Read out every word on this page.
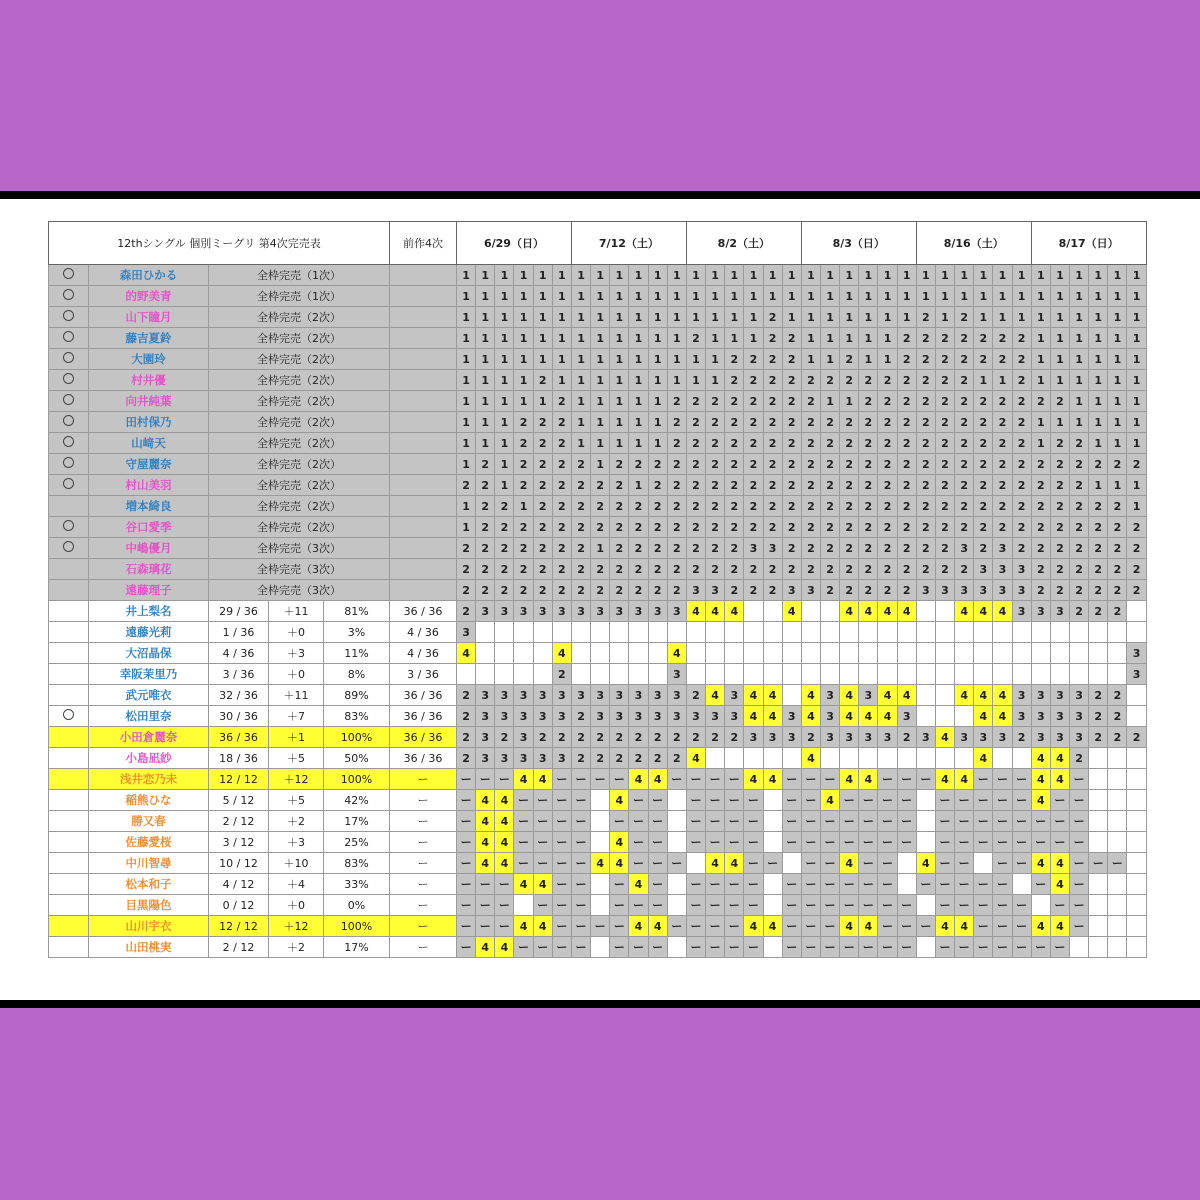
12thシングル 個別ミーグリ 第4次完売表					前作4次	6/29（日）						7/12（土）						8/2（土）						8/3（日）						8/16（土）						8/17（日）					
	森田ひかる	全枠完売（1次）				1	1	1	1	1	1	1	1	1	1	1	1	1	1	1	1	1	1	1	1	1	1	1	1	1	1	1	1	1	1	1	1	1	1	1	1
	的野美青	全枠完売（1次）				1	1	1	1	1	1	1	1	1	1	1	1	1	1	1	1	1	1	1	1	1	1	1	1	1	1	1	1	1	1	1	1	1	1	1	1
	山下瞳月	全枠完売（2次）				1	1	1	1	1	1	1	1	1	1	1	1	1	1	1	1	2	1	1	1	1	1	1	1	2	1	2	1	1	1	1	1	1	1	1	1
	藤吉夏鈴	全枠完売（2次）				1	1	1	1	1	1	1	1	1	1	1	1	2	1	1	1	2	2	1	1	1	1	1	2	2	2	2	2	2	2	1	1	1	1	1	1
	大園玲	全枠完売（2次）				1	1	1	1	1	1	1	1	1	1	1	1	1	1	2	2	2	2	1	1	2	1	1	2	2	2	2	2	2	2	1	1	1	1	1	1
	村井優	全枠完売（2次）				1	1	1	1	2	1	1	1	1	1	1	1	1	1	2	2	2	2	2	2	2	2	2	2	2	2	2	1	1	2	1	1	1	1	1	1
	向井純葉	全枠完売（2次）				1	1	1	1	1	2	1	1	1	1	1	2	2	2	2	2	2	2	2	1	1	2	2	2	2	2	2	2	2	2	2	2	1	1	1	1
	田村保乃	全枠完売（2次）				1	1	1	2	2	2	1	1	1	1	1	2	2	2	2	2	2	2	2	2	2	2	2	2	2	2	2	2	2	2	1	1	1	1	1	1
	山﨑天	全枠完売（2次）				1	1	1	2	2	2	1	1	1	1	1	2	2	2	2	2	2	2	2	2	2	2	2	2	2	2	2	2	2	2	1	2	2	1	1	1
	守屋麗奈	全枠完売（2次）				1	2	1	2	2	2	2	1	2	2	2	2	2	2	2	2	2	2	2	2	2	2	2	2	2	2	2	2	2	2	2	2	2	2	2	2
	村山美羽	全枠完売（2次）				2	2	1	2	2	2	2	2	2	1	2	2	2	2	2	2	2	2	2	2	2	2	2	2	2	2	2	2	2	2	2	2	2	1	1	1
	増本綺良	全枠完売（2次）				1	2	2	1	2	2	2	2	2	2	2	2	2	2	2	2	2	2	2	2	2	2	2	2	2	2	2	2	2	2	2	2	2	2	2	1
	谷口愛季	全枠完売（2次）				1	2	2	2	2	2	2	2	2	2	2	2	2	2	2	2	2	2	2	2	2	2	2	2	2	2	2	2	2	2	2	2	2	2	2	2
	中嶋優月	全枠完売（3次）				2	2	2	2	2	2	2	1	2	2	2	2	2	2	2	3	3	2	2	2	2	2	2	2	2	2	3	2	3	2	2	2	2	2	2	2
	石森璃花	全枠完売（3次）				2	2	2	2	2	2	2	2	2	2	2	2	2	2	2	2	2	2	2	2	2	2	2	2	2	2	2	3	3	3	2	2	2	2	2	2
	遠藤理子	全枠完売（3次）				2	2	2	2	2	2	2	2	2	2	2	2	3	3	2	2	2	3	3	2	2	2	2	2	3	3	3	3	3	3	2	2	2	2	2	2
	井上梨名	29 / 36	＋11	81%	36 / 36	2	3	3	3	3	3	3	3	3	3	3	3	4	4	4			4			4	4	4	4			4	4	4	3	3	3	2	2	2	
	遠藤光莉	1 / 36	＋0	3%	4 / 36	3																																			
	大沼晶保	4 / 36	＋3	11%	4 / 36	4					4						4																								3
	幸阪茉里乃	3 / 36	＋0	8%	3 / 36						2						3																								3
	武元唯衣	32 / 36	＋11	89%	36 / 36	2	3	3	3	3	3	3	3	3	3	3	3	2	4	3	4	4		4	3	4	3	4	4			4	4	4	3	3	3	3	2	2	
	松田里奈	30 / 36	＋7	83%	36 / 36	2	3	3	3	3	3	2	3	3	3	3	3	3	3	3	4	4	3	4	3	4	4	4	3				4	4	3	3	3	3	2	2	
	小田倉麗奈	36 / 36	＋1	100%	36 / 36	2	3	2	3	2	2	2	2	2	2	2	2	2	2	2	3	3	3	2	3	3	3	3	2	3	4	3	3	3	2	3	3	3	2	2	2
	小島凪紗	18 / 36	＋5	50%	36 / 36	2	3	3	3	3	3	2	2	2	2	2	2	4						4									4			4	4	2			
	浅井恋乃未	12 / 12	＋12	100%	ー	ー	ー	ー	4	4	ー	ー	ー	ー	4	4	ー	ー	ー	ー	4	4	ー	ー	ー	4	4	ー	ー	ー	4	4	ー	ー	ー	4	4	ー			
	稲熊ひな	5 / 12	＋5	42%	ー	ー	4	4	ー	ー	ー	ー		4	ー	ー		ー	ー	ー	ー		ー	ー	4	ー	ー	ー	ー		ー	ー	ー	ー	ー	4	ー	ー			
	勝又春	2 / 12	＋2	17%	ー	ー	4	4	ー	ー	ー	ー		ー	ー	ー		ー	ー	ー	ー		ー	ー	ー	ー	ー	ー	ー		ー	ー	ー	ー	ー	ー	ー	ー			
	佐藤愛桜	3 / 12	＋3	25%	ー	ー	4	4	ー	ー	ー	ー		4	ー	ー		ー	ー	ー	ー		ー	ー	ー	ー	ー	ー	ー		ー	ー	ー	ー	ー	ー	ー	ー			
	中川智尋	10 / 12	＋10	83%	ー	ー	4	4	ー	ー	ー	ー	4	4	ー	ー	ー		4	4	ー	ー		ー	ー	4	ー	ー		4	ー	ー		ー	ー	4	4	ー	ー	ー	
	松本和子	4 / 12	＋4	33%	ー	ー	ー	ー	4	4	ー	ー		ー	4	ー		ー	ー	ー	ー		ー	ー	ー	ー	ー	ー		ー	ー	ー	ー	ー		ー	4	ー			
	目黒陽色	0 / 12	＋0	0%	ー	ー	ー	ー		ー	ー	ー		ー	ー	ー		ー	ー	ー	ー		ー	ー	ー	ー	ー	ー	ー		ー	ー	ー	ー	ー		ー	ー			
	山川宇衣	12 / 12	＋12	100%	ー	ー	ー	ー	4	4	ー	ー	ー	ー	4	4	ー	ー	ー	ー	4	4	ー	ー	ー	4	4	ー	ー	ー	4	4	ー	ー	ー	4	4	ー			
	山田桃実	2 / 12	＋2	17%	ー	ー	4	4	ー	ー	ー	ー		ー	ー	ー		ー	ー	ー	ー		ー	ー	ー	ー	ー	ー	ー		ー	ー	ー	ー	ー	ー	ー				
